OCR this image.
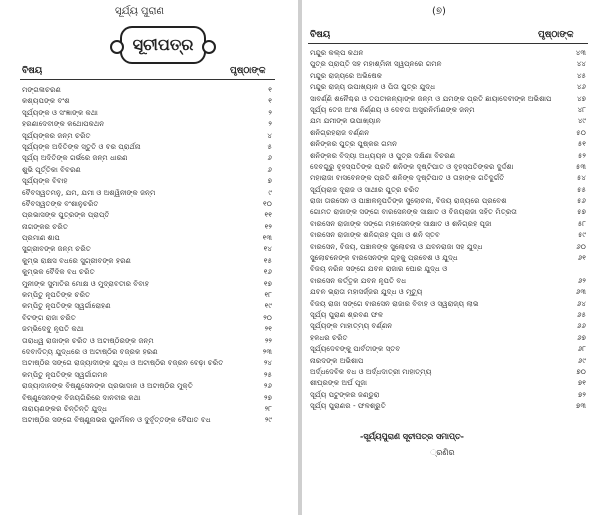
ସୂର୍ଯ୍ୟ ପୁରାଣ
ସୂଚୀପତ୍ର
ବିଷୟ	ପୃଷ୍ଠାଙ୍କ
ମଙ୍ଗଳାଚରଣ	୧
କଶ୍ୟପଙ୍କ ବଂଶ	୧
ସୂର୍ଯ୍ୟଙ୍କ ଓ ସଂଜ୍ଞାଙ୍କ କଥା	୨
ହରଣାଦେବୀଙ୍କ କଥୋପକଥନ	୨
ସୂର୍ଯ୍ୟଙ୍କର ଜନ୍ମ ଚରିତ	୪
ସୂର୍ଯ୍ୟଙ୍କ ଅଦିତିଙ୍କ ସ୍ତୁତି ଓ ବର ପ୍ରାର୍ଥନା	୫
ସୂର୍ଯ୍ୟ ଅଦିତିଙ୍କ ଗର୍ଭରେ ଜନ୍ମ ଧାରଣ	୬
ଶୁଭି ପୂର୍ତ୍ତିକା ବିବରଣ	୬
ସୂର୍ଯ୍ୟଙ୍କ ବିବାହ	୭
ବୈବସ୍ୱତମନୁ, ଯମ, ଯମୀ ଓ ଅଶ୍ୱିନୀଙ୍କ ଜନ୍ମ	୯
ବୈବସ୍ୱତଙ୍କ ବଂଶାନୁଚରିତ	୧୦
ପ୍ରଭାସଙ୍କ ପୁତ୍ରଙ୍କ ପ୍ରାପ୍ତି	୧୧
ନାଗଙ୍କର ଚରିତ	୧୨
ପ୍ରମାଣ ଶାପ	୧୩
ସୁଗ୍ରୀବଙ୍କ ଜନ୍ମ ଚରିତ	୧୪
କୁମ୍ଭ ରାକ୍ଷସ ବଧରେ ସୁଗ୍ରୀବଙ୍କ ହରଣ	୧୫
କୁମ୍ଭକ ବୈଦିକ ବଧ ଚରିତ	୧୬
ମୁନୀଙ୍କ ସୁମାତିର ମୋକ୍ଷ ଓ ମୁଦ୍ରାବତୀର ବିବାହ	୧୭
କମ୍ପିତୁ ନୃପତିଙ୍କ ଚରିତ	୧୮
କମ୍ପିତୁ ନୃପତିଙ୍କ ସ୍ୱର୍ଗାରୋହଣ	୧୯
ବିଟଙ୍ଗ ରାଜା ଚରିତ	୨୦
ଜମ୍ଭିଦେବୁ ନୃପତି କଥା	୨୧
ତାରାଧ୍ୱ ରାଜାଙ୍କ ଚରିତ ଓ ଅଟାଷ୍ଠିରଙ୍କ ଜନ୍ମ	୨୨
ଦେବାଦିତ୍ୟ ଯୁଦ୍ଧରେ ଓ ଅଟାଷ୍ଠିର ବଜ୍ରକ ହରଣ	୨୩
ଅଟାଷ୍ଠିର ସଙ୍ଗେ ରାଜ୍ୟାଦୀଙ୍କ ଯୁଦ୍ଧ ଓ ଅଟାଷ୍ଠିର ବଜ୍ରନ ବେଢ଼ା ଚରିତ	୨୪
କମ୍ପିତୁ ନୃପତିଙ୍କ ସ୍ୱର୍ଗାଗମନ	୨୫
ରାଜ୍ୟାଦାନଙ୍କ ବିଷ୍ଣୁସେନଙ୍କ ପ୍ରଭାଦାନ ଓ ଅଟାଷ୍ଠିର ମୁକ୍ତି	୨୬
ବିଷ୍ଣୁସେନଙ୍କ ବିଜୟଗିରିରେ ଦାନବୀର କଥା	୨୭
ନାରାୟଣଙ୍କର ଚିନ୍ତିନ୍ତି ଯୁଦ୍ଧ	୨୮
ଅଟାଷ୍ଠିର ସଙ୍ଗେ ବିଷ୍ଣୁନାଭର ପୁନର୍ମିଳନ ଓ ଦୁର୍ବୃତ୍ତଙ୍କ ବୈପାତ ବଧ	୨୯
(୭)
ବିଷୟ	ପୃଷ୍ଠାଙ୍କ
ମନ୍ଦୁର କଲ୍ପ କଥନ	୪୩
ପୁତ୍ର ପ୍ରାପ୍ତି ସହ ମହାଶ୍ମିନୀ ସ୍ୱପ୍ନରେ ଗମନ	୪୪
ମନ୍ଦୁର ରାଜ୍ୟରେ ଅଭିଷେକ	୪୫
ମନ୍ଦୁର ରାଜ୍ୟ ଉପାଖ୍ୟାନ ଓ ପିତା ପୁତ୍ର ଯୁଦ୍ଧ	୪୬
ସାବର୍ଣ୍ଣି ଶନୈଶ୍ଚର ଓ ତପତୀକନ୍ୟାଙ୍କ ଜନ୍ମ ଓ ଯମଙ୍କ ପ୍ରତି ଛାୟାଦେବୀଙ୍କ ଅଭିଶାପ	୪୭
ସୂର୍ଯ୍ୟ ତେଜ ଅଂଶ ନିର୍ଣ୍ଣୟ ଓ ଦେବତା ଅସ୍ତ୍ରନିର୍ମାଣଙ୍କ ଜନ୍ମ	୪୮
ଯମ ଯମୀଙ୍କ ଉପାଖ୍ୟାନ	୪୯
ଶନିଗ୍ରହରାଜ ବର୍ଣ୍ଣନ	୫୦
ଶନିଙ୍କର ପୁତ୍ର ପୁଷ୍କର ଗମନ	୫୧
ଶନିଙ୍କର ବିଦ୍ୟା ଅଧ୍ୟୟନ ଓ ପୁତ୍ର ଦକ୍ଷିଣା ବିଚରଣ	୫୨
ଦେବଗୁରୁ ବୃହସ୍ପତିଙ୍କ ପ୍ରତି ଶନିଙ୍କ ଦୃଷ୍ଟିପାତ ଓ ବୃହସ୍ପତିଙ୍କର ଦୁର୍ଦ୍ଦଶା	୫୩
ମହାରାଜା ବାସବେନଙ୍କ ପ୍ରତି ଶନିଙ୍କ ଦୃଷ୍ଟିପାତ ଓ ତାହାଙ୍କ ଗତିଦୁର୍ଗତି	୫୪
ସୂର୍ଯ୍ୟରାଜ ଦୂରାଜ ଓ ସାଥୀର ପୁତ୍ର ଚରିତ	୫୫
ରାଜା ତାରସେନ ଓ ପାଞ୍ଚାଳନୃପତିଙ୍କ ସୁଲୋଚନା, ବିଜୟ ରାଜ୍ୟରେ ପ୍ରବେଶ	୫୬
ଗୋମତ ରାଜାଙ୍କ ସଙ୍ଗେ ବାରସେନଙ୍କ ସାକ୍ଷାତ ଓ ବିଜୟରାଜା ସହିତ ମିତ୍ରତା	୫୭
ବାରସେନ ରାଜାଙ୍କ ସଙ୍ଗେ ମହାସେନଙ୍କ ସାକ୍ଷାତ ଓ ଶନିଗ୍ରହ ପୂଜା	୫୮
ବାରସେନ ରାଜାଙ୍କ ଶନିଗ୍ରହ ପୂଜା ଓ ଶନି ସ୍ତବ	୫୯
ବାରସେନ, ବିଜୟ, ପଞ୍ଚାଳଙ୍କ ସୁଲୋଚନା ଓ ଯବନରାଜା ସହ ଯୁଦ୍ଧ	୬୦
ସୁଲୋଚନେଙ୍କ ବାରସେନଙ୍କ ଗୃହକୁ ପ୍ରବେଶ ଓ ଯୁଦ୍ଧ	୬୧
ବିଜୟ ନରିନ ସଙ୍ଗେ ଯବନ ରାଜାର ଘୋର ଯୁଦ୍ଧ ଓ
ବାରସେନ କର୍ତ୍ତୃକ ଯବନ ନୃପତି ବଧ	୬୨
ଯବନ ଭ୍ରାତା ମହାସର୍ଜ୍ଜର ଯୁଦ୍ଧ ଓ ମୃତ୍ୟୁ	୬୩
ବିଜୟ ରାଜା ସଙ୍ଗେ ବାରସେନ ରାଜାର ବିବାହ ଓ ସ୍ୱରାଜ୍ୟ ଲାଭ	୬୪
ସୂର୍ଯ୍ୟ ପୁରାଣ ଶ୍ରବଣ ଫଳ	୬୫
ସୂର୍ଯ୍ୟଙ୍କ ମାହାତ୍ମ୍ୟ ବର୍ଣ୍ଣନ	୬୬
ହଳଧର ଚରିତ	୬୭
ସୂର୍ଯ୍ୟଦେବଙ୍କୁ ପାର୍ବତୀଙ୍କ ସ୍ତବ	୬୮
ନାରଦଙ୍କ ଅଭିଶାପ	୬୯
ଅର୍ଦ୍ଧଦେବିକ ବଧ ଓ ଅର୍ଦ୍ଧଦାତ୍ରୀ ମାହାତ୍ମ୍ୟ	୭୦
ଶୀଘ୍ରଙ୍କ ଅର୍ଘ ପୂଜା	୭୧
ସୂର୍ଯ୍ୟ ପଟୁଙ୍କର ଜଣ୍ଡୁରା	୭୨
ସୂର୍ଯ୍ୟ ପୁରାଣର - ଫଳଶ୍ରୁତି	୭୩
-ସୂର୍ଯ୍ୟପୁରାଣ ସୂଚୀପତ୍ର ସମାପ୍ତ-
୍ରଣିର
